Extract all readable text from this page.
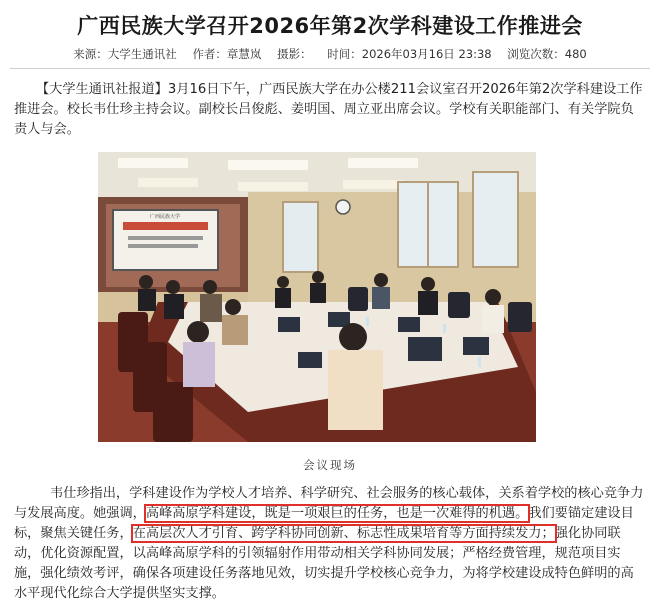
广西民族大学召开2026年第2次学科建设工作推进会
来源：大学生通讯社 作者：章慧岚 摄影： 时间：2026年03月16日 23:38 浏览次数：480

【大学生通讯社报道】3月16日下午，广西民族大学在办公楼211会议室召开2026年第2次学科建设工作推进会。校长韦仕珍主持会议。副校长吕俊彪、姜明国、周立亚出席会议。学校有关职能部门、有关学院负责人与会。

广西民族大学
会议现场

韦仕珍指出，学科建设作为学校人才培养、科学研究、社会服务的核心载体，关系着学校的核心竞争力与发展高度。她强调，高峰高原学科建设，既是一项艰巨的任务，也是一次难得的机遇。我们要锚定建设目标，聚焦关键任务，在高层次人才引育、跨学科协同创新、标志性成果培育等方面持续发力；强化协同联动，优化资源配置，以高峰高原学科的引领辐射作用带动相关学科协同发展；严格经费管理，规范项目实施，强化绩效考评，确保各项建设任务落地见效，切实提升学校核心竞争力，为将学校建设成特色鲜明的高水平现代化综合大学提供坚实支撑。
